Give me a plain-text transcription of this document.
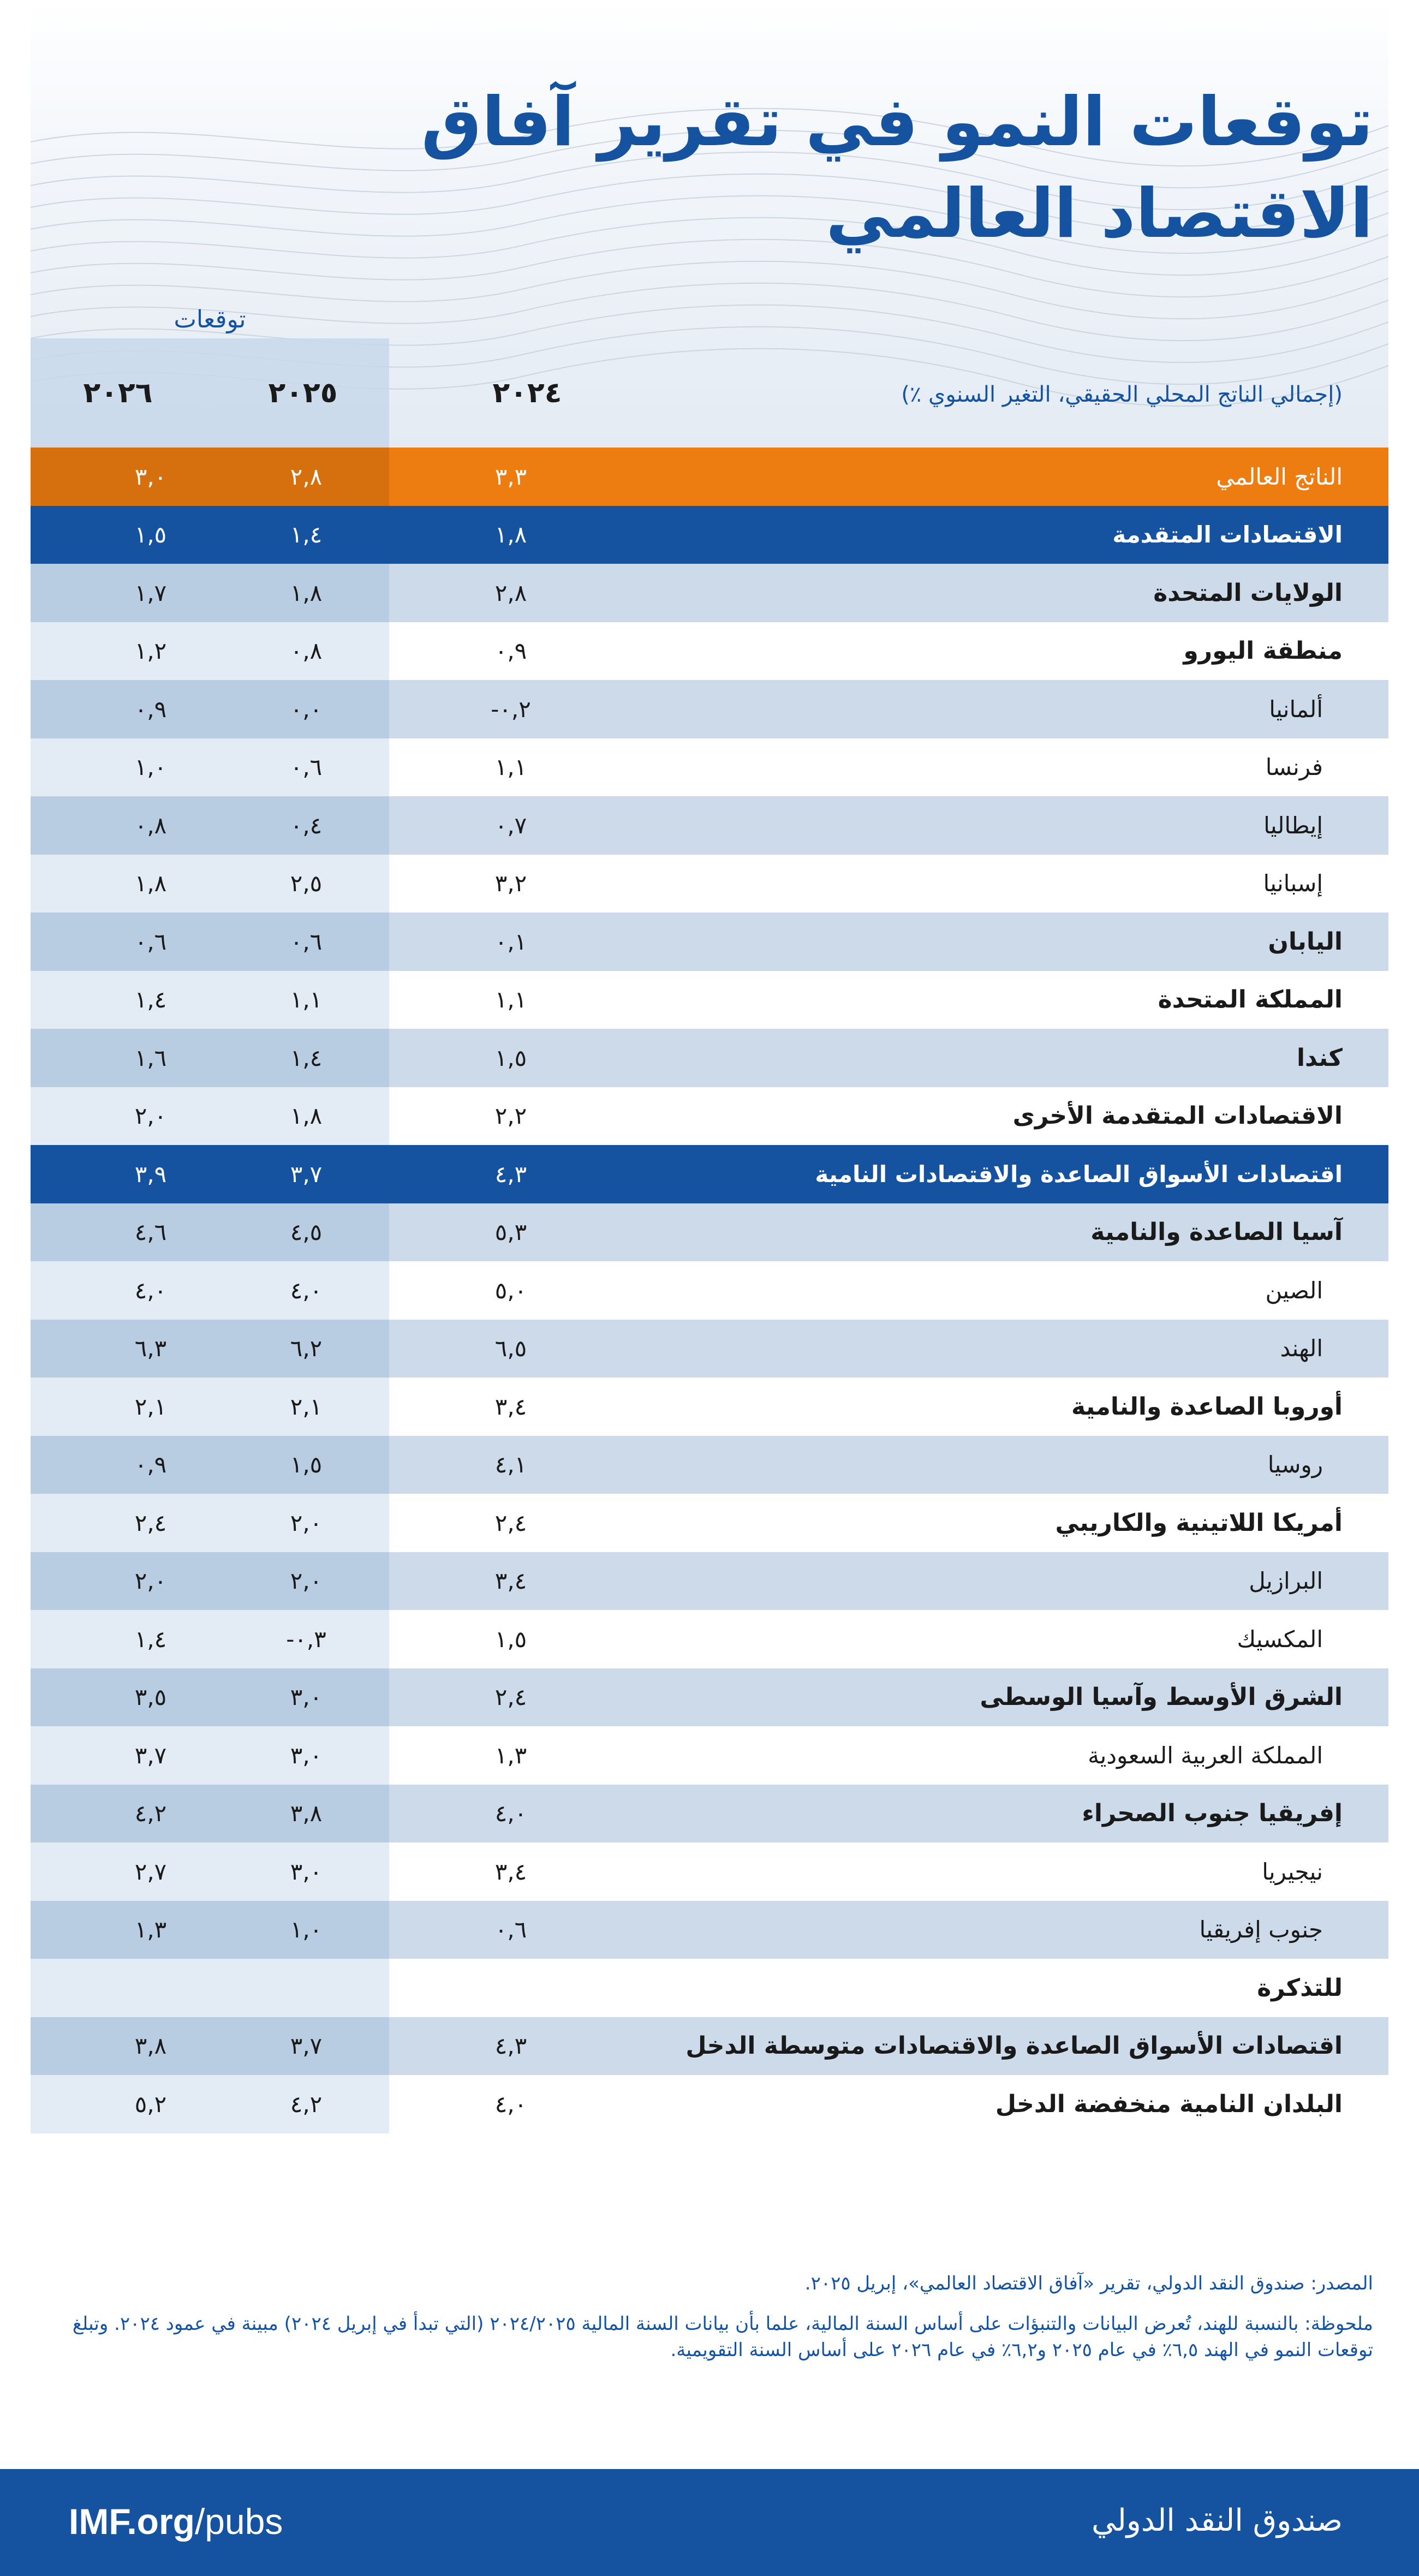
توقعات النمو في تقرير آفاق
الاقتصاد العالمي
توقعات
٢٠٢٤
٢٠٢٥
٢٠٢٦	(إجمالي الناتج المحلي الحقيقي، التغير السنوي ٪)
الناتج العالمي
٣,٣
٢,٨
٣,٠
الاقتصادات المتقدمة
١,٨
١,٤
١,٥
الولايات المتحدة
٢,٨
١,٨
١,٧
منطقة اليورو
٠,٩
٠,٨
١,٢
ألمانيا
-٠,٢
٠,٠
٠,٩
فرنسا
١,١
٠,٦
١,٠
إيطاليا
٠,٧
٠,٤
٠,٨
إسبانيا
٣,٢
٢,٥
١,٨
اليابان
٠,١
٠,٦
٠,٦
المملكة المتحدة
١,١
١,١
١,٤
كندا
١,٥
١,٤
١,٦
الاقتصادات المتقدمة الأخرى
٢,٢
١,٨
٢,٠
اقتصادات الأسواق الصاعدة والاقتصادات النامية
٤,٣
٣,٧
٣,٩
آسيا الصاعدة والنامية
٥,٣
٤,٥
٤,٦
الصين
٥,٠
٤,٠
٤,٠
الهند
٦,٥
٦,٢
٦,٣
أوروبا الصاعدة والنامية
٣,٤
٢,١
٢,١
روسيا
٤,١
١,٥
٠,٩
أمريكا اللاتينية والكاريبي
٢,٤
٢,٠
٢,٤
البرازيل
٣,٤
٢,٠
٢,٠
المكسيك
١,٥
-٠,٣
١,٤
الشرق الأوسط وآسيا الوسطى
٢,٤
٣,٠
٣,٥
المملكة العربية السعودية
١,٣
٣,٠
٣,٧
إفريقيا جنوب الصحراء
٤,٠
٣,٨
٤,٢
نيجيريا
٣,٤
٣,٠
٢,٧
جنوب إفريقيا
٠,٦
١,٠
١,٣
للتذكرة
اقتصادات الأسواق الصاعدة والاقتصادات متوسطة الدخل
٤,٣
٣,٧
٣,٨
البلدان النامية منخفضة الدخل
٤,٠
٤,٢
٥,٢

المصدر: صندوق النقد الدولي، تقرير «آفاق الاقتصاد العالمي»، إبريل ٢٠٢٥.

ملحوظة: بالنسبة للهند، تُعرض البيانات والتنبؤات على أساس السنة المالية، علما بأن بيانات السنة المالية ٢٠٢٤/٢٠٢٥ (التي تبدأ في إبريل ٢٠٢٤) مبينة في عمود ٢٠٢٤. وتبلغ توقعات النمو في الهند ٦,٥٪ في عام ٢٠٢٥ و٦,٢٪ في عام ٢٠٢٦ على أساس السنة التقويمية.

IMF.org/pubs	صندوق النقد الدولي
